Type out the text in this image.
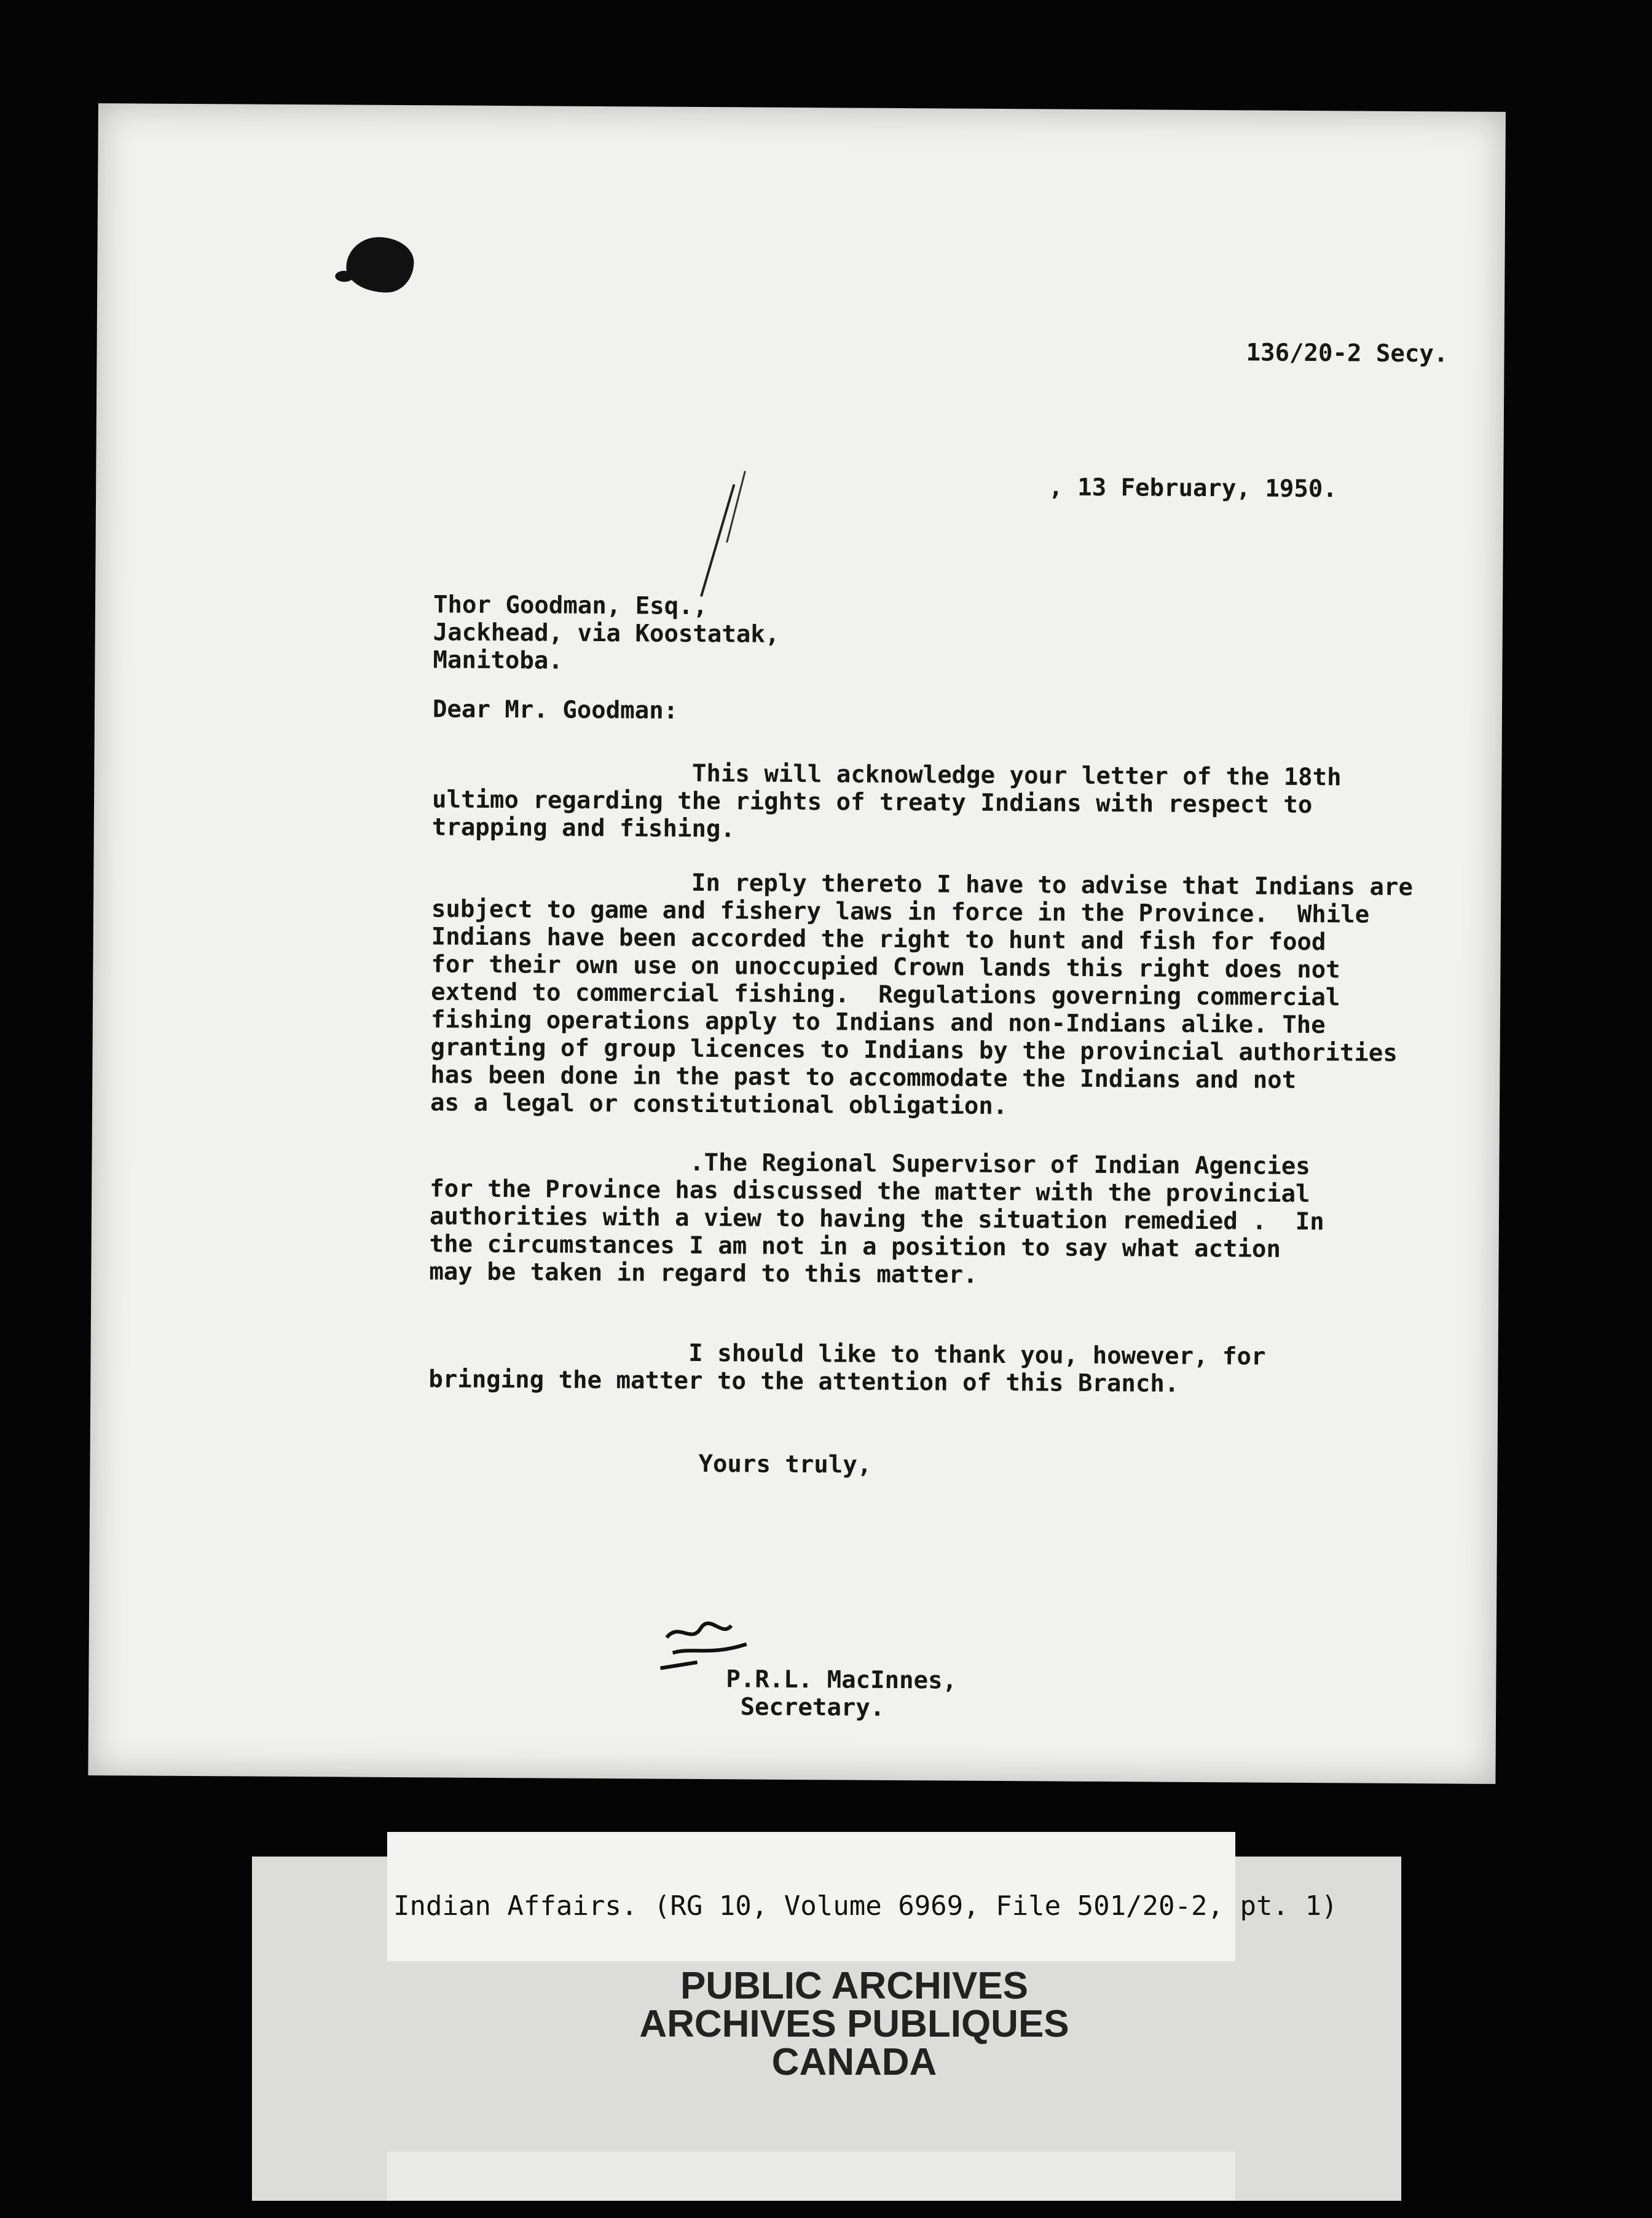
136/20-2 Secy.
, 13 February, 1950.
Thor Goodman, Esq.,
Jackhead, via Koostatak,
Manitoba.
Dear Mr. Goodman:
This will acknowledge your letter of the 18th
ultimo regarding the rights of treaty Indians with respect to
trapping and fishing.
In reply thereto I have to advise that Indians are
subject to game and fishery laws in force in the Province.  While
Indians have been accorded the right to hunt and fish for food
for their own use on unoccupied Crown lands this right does not
extend to commercial fishing.  Regulations governing commercial
fishing operations apply to Indians and non-Indians alike. The
granting of group licences to Indians by the provincial authorities
has been done in the past to accommodate the Indians and not
as a legal or constitutional obligation.
.The Regional Supervisor of Indian Agencies
for the Province has discussed the matter with the provincial
authorities with a view to having the situation remedied .  In
the circumstances I am not in a position to say what action
may be taken in regard to this matter.
I should like to thank you, however, for
bringing the matter to the attention of this Branch.
Yours truly,
P.R.L. MacInnes,
Secretary.
Indian Affairs. (RG 10, Volume 6969, File 501/20-2, pt. 1)
PUBLIC ARCHIVES
ARCHIVES PUBLIQUES
CANADA
